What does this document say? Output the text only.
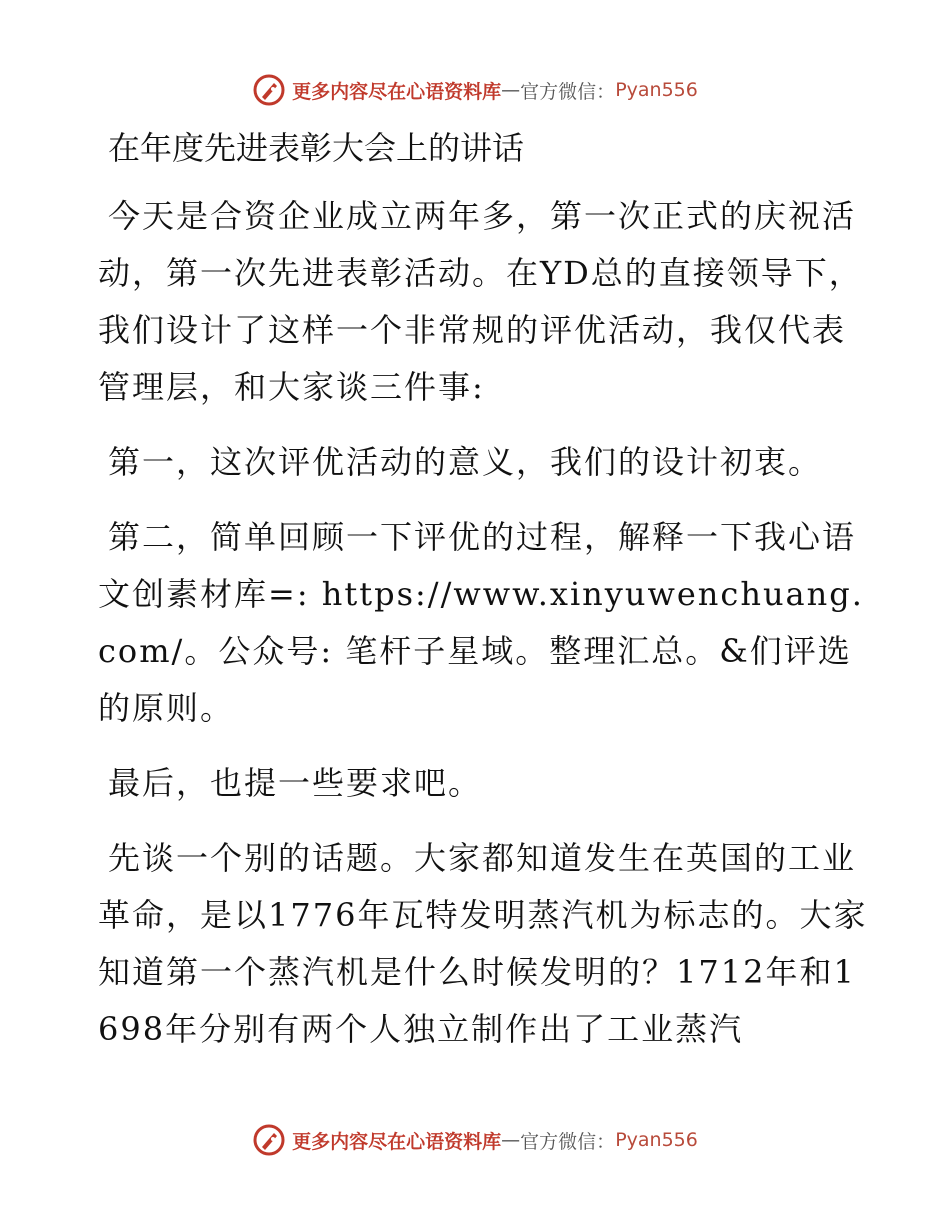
更多内容尽在心语资料库 — 官方微信： Pyan556
在年度先进表彰大会上的讲话

今天是合资企业成立两年多，第一次正式的庆祝活动，第一次先进表彰活动。在YD总的直接领导下，我们设计了这样一个非常规的评优活动，我仅代表管理层，和大家谈三件事:

第一，这次评优活动的意义，我们的设计初衷。

第二，简单回顾一下评优的过程，解释一下我心语文创素材库=: https://www.xinyuwenchuang.com/。公众号: 笔杆子星域。整理汇总。&们评选的原则。

最后，也提一些要求吧。

先谈一个别的话题。大家都知道发生在英国的工业革命，是以1776年瓦特发明蒸汽机为标志的。大家知道第一个蒸汽机是什么时候发明的？1712年和1698年分别有两个人独立制作出了工业蒸汽

更多内容尽在心语资料库 — 官方微信： Pyan556
